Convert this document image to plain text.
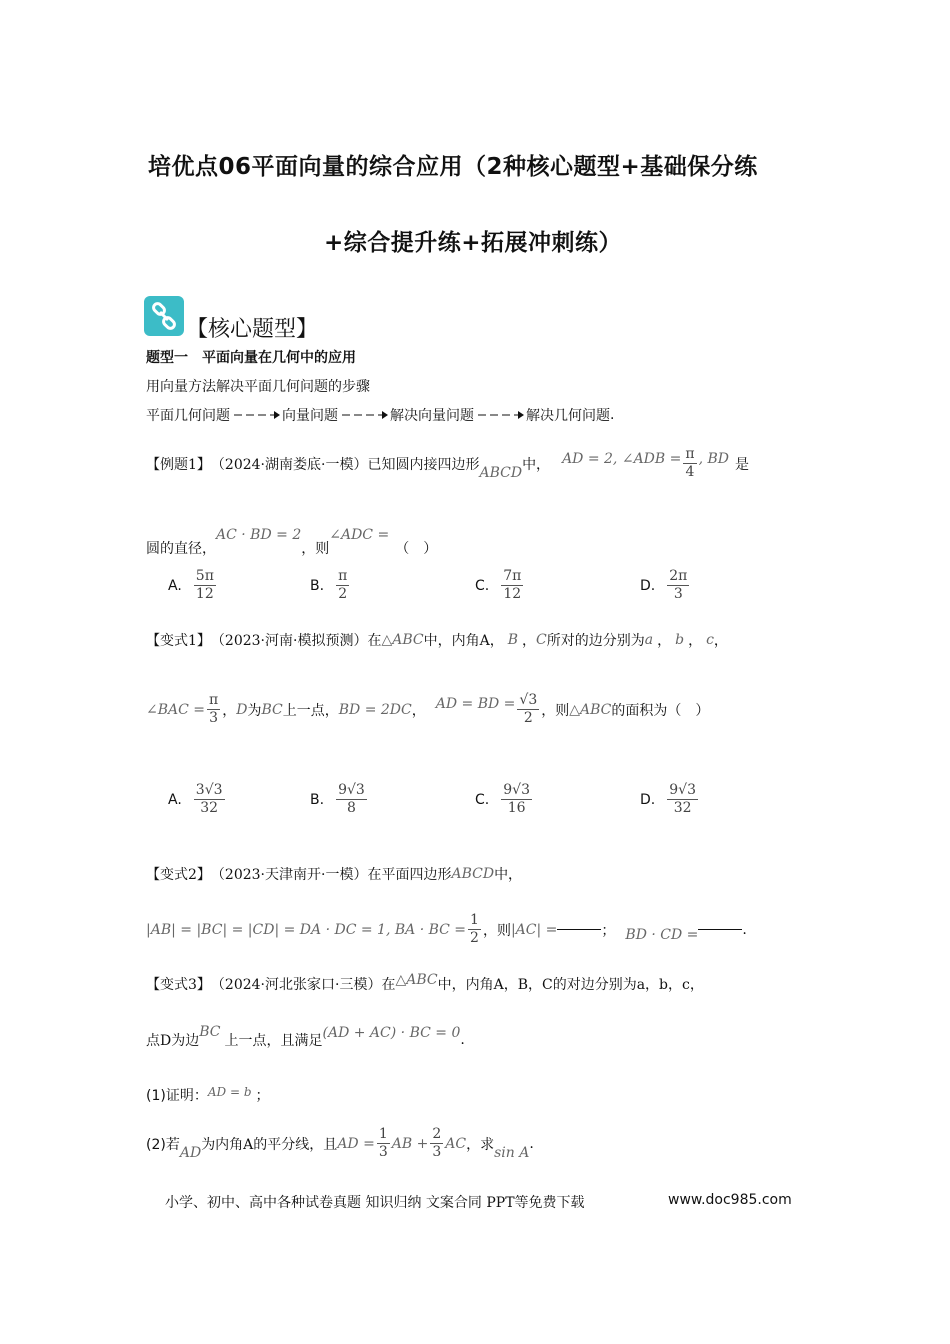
培优点06平面向量的综合应用（2种核心题型+基础保分练
+综合提升练+拓展冲刺练）
【核心题型】
题型一　平面向量在几何中的应用
用向量方法解决平面几何问题的步骤
平面几何问题	向量问题	解决向量问题	解决几何问题 .
【例题1】 （2024·湖南娄底·一模）已知圆内接四边形 ABCD 中， AD = 2, ∠ADB = $\frac{\pi}{4}$ , BD 是
圆的直径，
AC · BD = 2
，则
∠ADC =
（　）
A. $\frac{5\pi}{12}$	B. $\frac{\pi}{2}$	C. $\frac{7\pi}{12}$	D. $\frac{2\pi}{3}$
【变式1】 （2023·河南·模拟预测）在 △ABC 中，内角A， B ， C 所对的边分别为 a ， b ， c ，
∠BAC = $\frac{\pi}{3}$ ， D 为 BC 上一点， BD = 2DC ， AD = BD = $\frac{√3}{2}$ ，则 △ABC 的面积为（　）
A. $\frac{3√3}{32}$	B. $\frac{9√3}{8}$	C. $\frac{9√3}{16}$	D. $\frac{9√3}{32}$
【变式2】 （2023·天津南开·一模）在平面四边形 ABCD 中，
|AB| = |BC| = |CD| = DA · DC = 1, BA · BC = $\frac{1}{2}$ ，则 |AC| =	； BD · CD =	.
【变式3】 （2024·河北张家口·三模）在 △ABC 中，内角A，B，C的对边分别为a，b，c，
点D为边
BC
上一点，且满足 (AD + AC) · BC = 0 .
(1)证明： AD = b ；
(2)若 AD 为内角A的平分线，且 AD = $\frac{1}{3}$ AB + $\frac{2}{3}$ AC ，求 sin A
.
小学、初中、高中各种试卷真题 知识归纳 文案合同 PPT等免费下载	www.doc985.com
